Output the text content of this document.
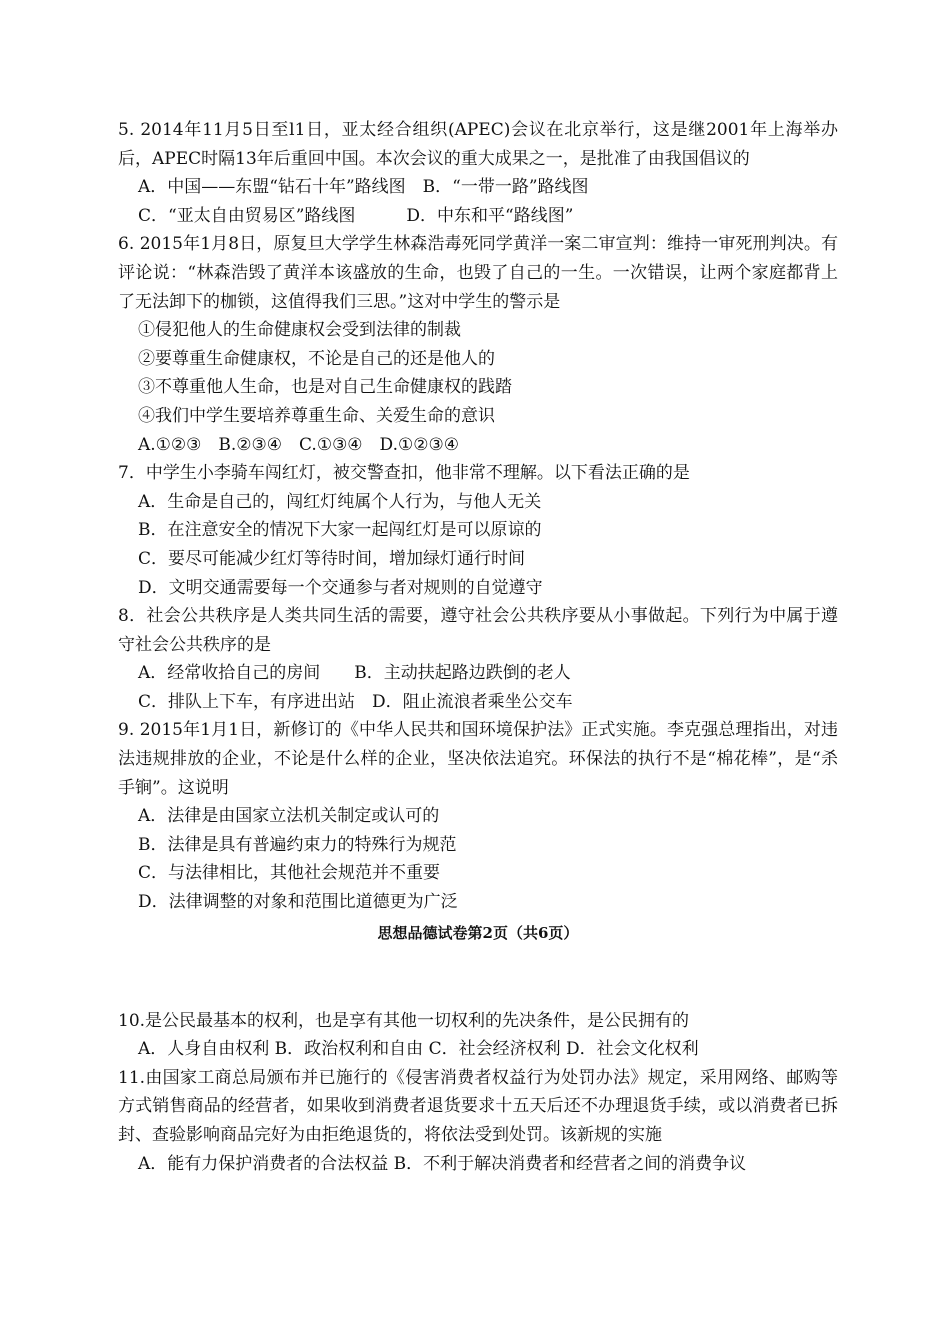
5. 2014年11月5日至l1日，亚太经合组织(APEC)会议在北京举行，这是继2001年上海举办后，APEC时隔13年后重回中国。本次会议的重大成果之一，是批准了由我国倡议的
A．中国——东盟“钻石十年”路线图　B．“一带一路”路线图
C．“亚太自由贸易区”路线图　　　D．中东和平“路线图”
6. 2015年1月8日，原复旦大学学生林森浩毒死同学黄洋一案二审宣判：维持一审死刑判决。有评论说：“林森浩毁了黄洋本该盛放的生命，也毁了自己的一生。一次错误，让两个家庭都背上了无法卸下的枷锁，这值得我们三思。”这对中学生的警示是
①侵犯他人的生命健康权会受到法律的制裁
②要尊重生命健康权，不论是自己的还是他人的
③不尊重他人生命，也是对自己生命健康权的践踏
④我们中学生要培养尊重生命、关爱生命的意识
A.①②③　B.②③④　C.①③④　D.①②③④
7．中学生小李骑车闯红灯，被交警查扣，他非常不理解。以下看法正确的是
A．生命是自己的，闯红灯纯属个人行为，与他人无关
B．在注意安全的情况下大家一起闯红灯是可以原谅的
C．要尽可能减少红灯等待时间，增加绿灯通行时间
D．文明交通需要每一个交通参与者对规则的自觉遵守
8．社会公共秩序是人类共同生活的需要，遵守社会公共秩序要从小事做起。下列行为中属于遵守社会公共秩序的是
A．经常收拾自己的房间　　B．主动扶起路边跌倒的老人
C．排队上下车，有序进出站　D．阻止流浪者乘坐公交车
9. 2015年1月1日，新修订的《中华人民共和国环境保护法》正式实施。李克强总理指出，对违法违规排放的企业，不论是什么样的企业，坚决依法追究。环保法的执行不是“棉花棒”，是“杀手锏”。这说明
A．法律是由国家立法机关制定或认可的
B．法律是具有普遍约束力的特殊行为规范
C．与法律相比，其他社会规范并不重要
D．法律调整的对象和范围比道德更为广泛
思想品德试卷第2页（共6页）
10.是公民最基本的权利，也是享有其他一切权利的先决条件，是公民拥有的
A．人身自由权利 B．政治权利和自由 C．社会经济权利 D．社会文化权利
11.由国家工商总局颁布并已施行的《侵害消费者权益行为处罚办法》规定，采用网络、邮购等方式销售商品的经营者，如果收到消费者退货要求十五天后还不办理退货手续，或以消费者已拆封、查验影响商品完好为由拒绝退货的，将依法受到处罚。该新规的实施
A．能有力保护消费者的合法权益 B．不利于解决消费者和经营者之间的消费争议
